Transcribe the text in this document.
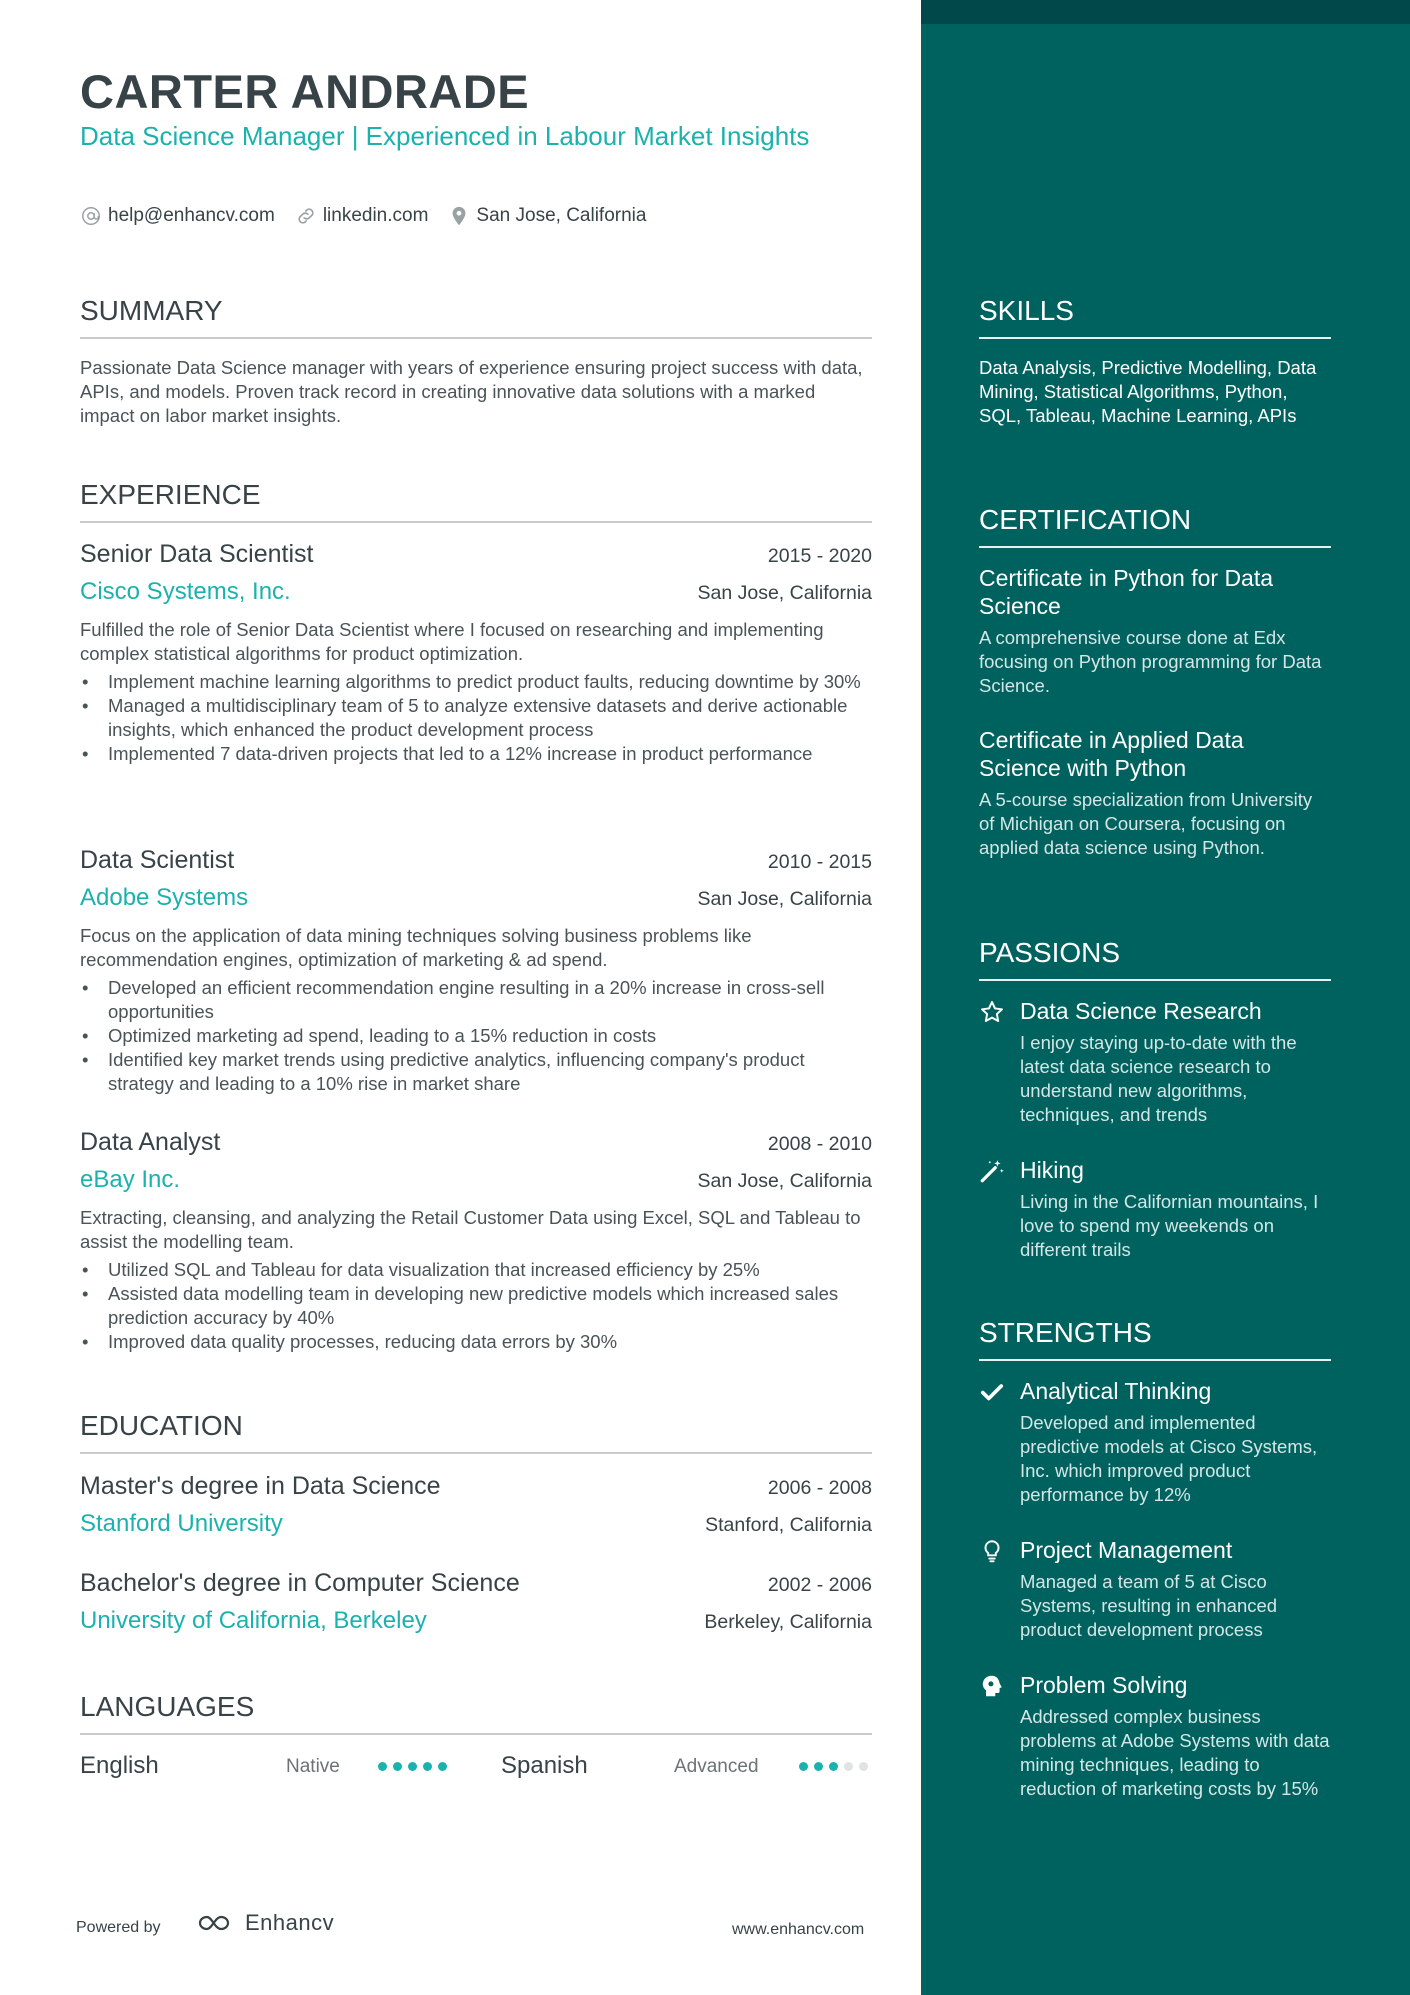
CARTER ANDRADE
Data Science Manager | Experienced in Labour Market Insights
help@enhancv.com	linkedin.com	San Jose, California
SUMMARY
Passionate Data Science manager with years of experience ensuring project success with data, APIs, and models. Proven track record in creating innovative data solutions with a marked impact on labor market insights.
EXPERIENCE
Senior Data Scientist	2015 - 2020
Cisco Systems, Inc.	San Jose, California
Fulfilled the role of Senior Data Scientist where I focused on researching and implementing complex statistical algorithms for product optimization.
• Implement machine learning algorithms to predict product faults, reducing downtime by 30%
• Managed a multidisciplinary team of 5 to analyze extensive datasets and derive actionable insights, which enhanced the product development process
• Implemented 7 data-driven projects that led to a 12% increase in product performance
Data Scientist	2010 - 2015
Adobe Systems	San Jose, California
Focus on the application of data mining techniques solving business problems like recommendation engines, optimization of marketing & ad spend.
• Developed an efficient recommendation engine resulting in a 20% increase in cross-sell opportunities
• Optimized marketing ad spend, leading to a 15% reduction in costs
• Identified key market trends using predictive analytics, influencing company's product strategy and leading to a 10% rise in market share
Data Analyst	2008 - 2010
eBay Inc.	San Jose, California
Extracting, cleansing, and analyzing the Retail Customer Data using Excel, SQL and Tableau to assist the modelling team.
• Utilized SQL and Tableau for data visualization that increased efficiency by 25%
• Assisted data modelling team in developing new predictive models which increased sales prediction accuracy by 40%
• Improved data quality processes, reducing data errors by 30%
EDUCATION
Master's degree in Data Science	2006 - 2008
Stanford University	Stanford, California
Bachelor's degree in Computer Science	2002 - 2006
University of California, Berkeley	Berkeley, California
LANGUAGES
English	Native	Spanish	Advanced
Powered by	Enhancv	www.enhancv.com
SKILLS
Data Analysis, Predictive Modelling, Data Mining, Statistical Algorithms, Python, SQL, Tableau, Machine Learning, APIs
CERTIFICATION
Certificate in Python for Data Science
A comprehensive course done at Edx focusing on Python programming for Data Science.
Certificate in Applied Data Science with Python
A 5-course specialization from University of Michigan on Coursera, focusing on applied data science using Python.
PASSIONS
Data Science Research
I enjoy staying up-to-date with the latest data science research to understand new algorithms, techniques, and trends
Hiking
Living in the Californian mountains, I love to spend my weekends on different trails
STRENGTHS
Analytical Thinking
Developed and implemented predictive models at Cisco Systems, Inc. which improved product performance by 12%
Project Management
Managed a team of 5 at Cisco Systems, resulting in enhanced product development process
Problem Solving
Addressed complex business problems at Adobe Systems with data mining techniques, leading to reduction of marketing costs by 15%
